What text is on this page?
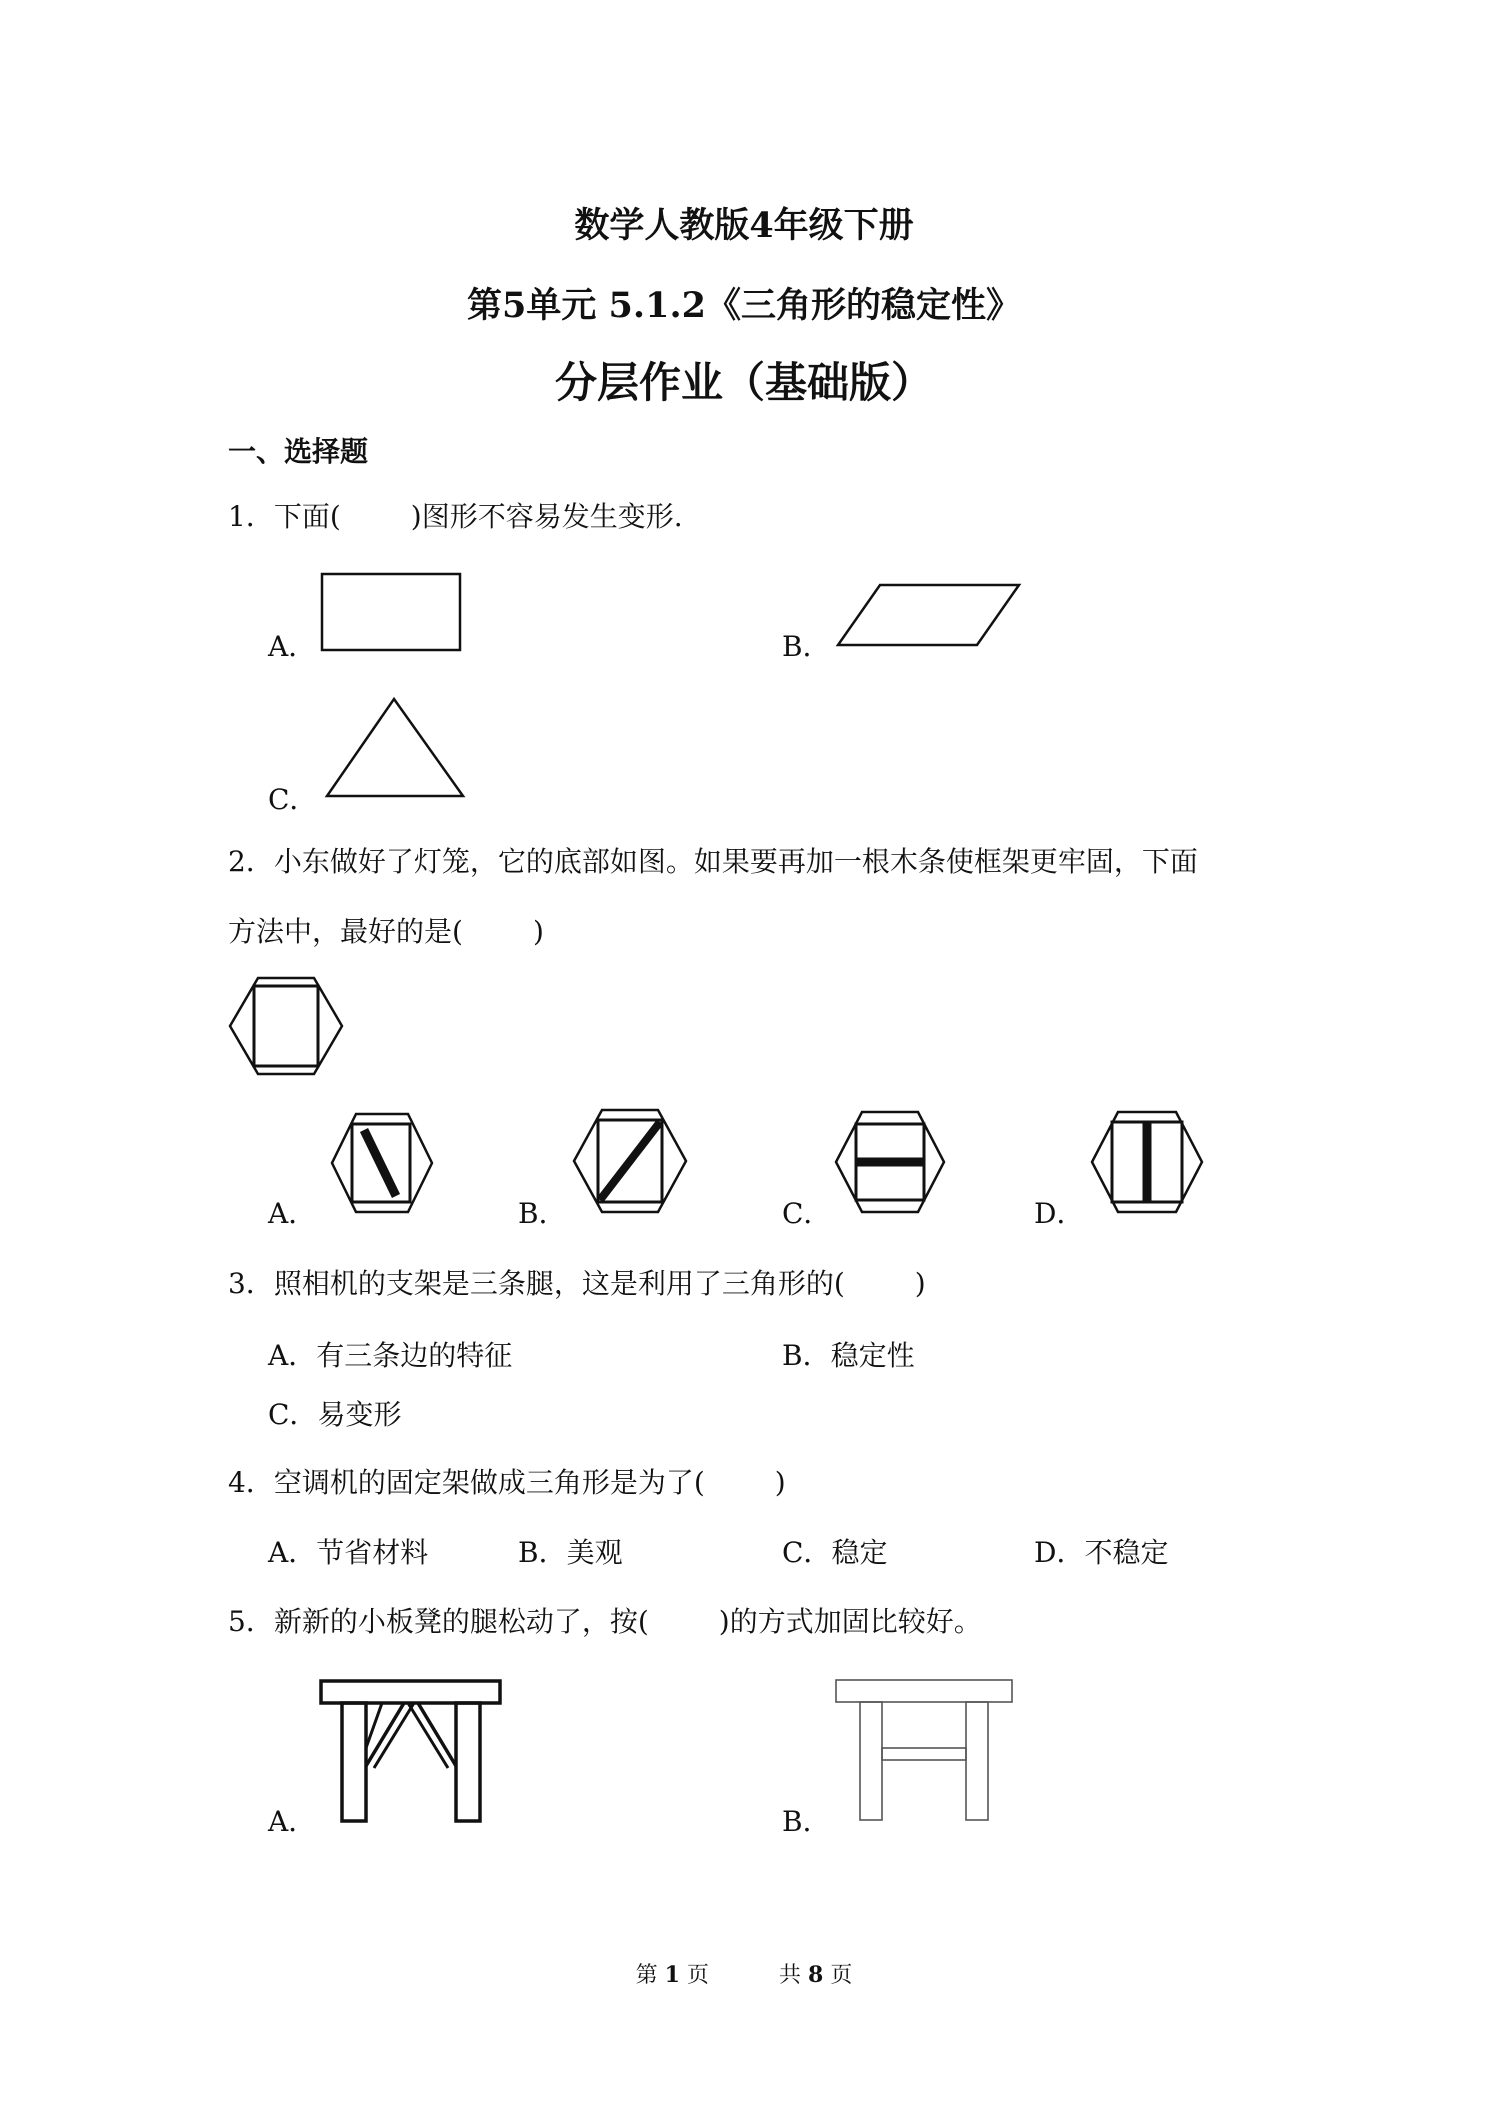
数学人教版4年级下册
第5单元 5.1.2《三角形的稳定性》
分层作业（基础版）
一、选择题
1．下面(	)图形不容易发生变形.
A．	B．
C．
2．小东做好了灯笼，它的底部如图。如果要再加一根木条使框架更牢固，下面
方法中，最好的是(	)
A．	B．	C．	D．
3．照相机的支架是三条腿，这是利用了三角形的(	)
A．有三条边的特征	B．稳定性
C．易变形
4．空调机的固定架做成三角形是为了(	)
A．节省材料	B．美观	C．稳定	D．不稳定
5．新新的小板凳的腿松动了，按(	)的方式加固比较好。
A．	B．
第 1 页	共 8 页
